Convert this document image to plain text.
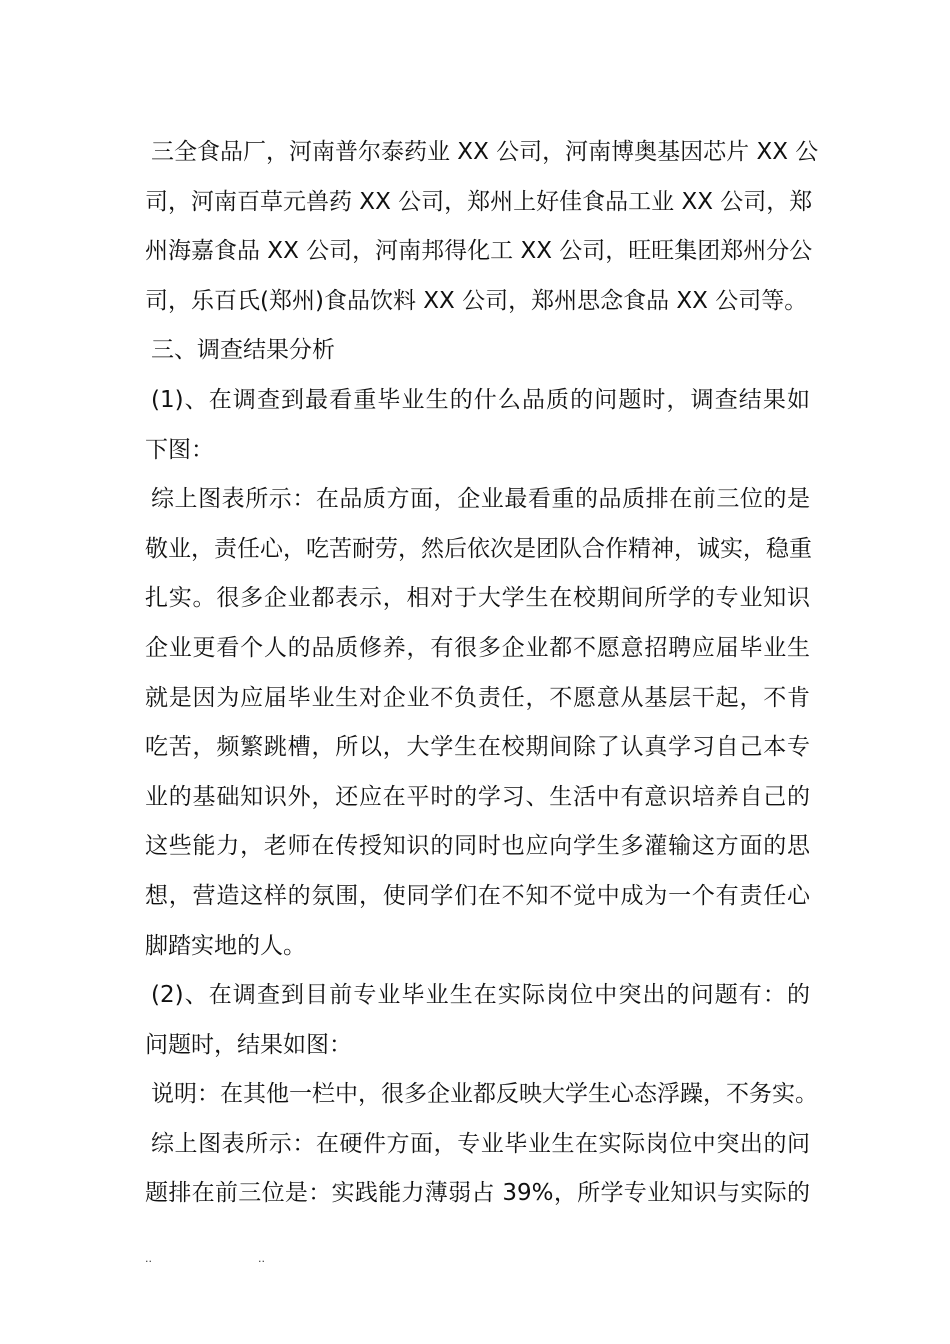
三全食品厂，河南普尔泰药业 XX 公司，河南博奥基因芯片 XX 公
司，河南百草元兽药 XX 公司，郑州上好佳食品工业 XX 公司，郑
州海嘉食品 XX 公司，河南邦得化工 XX 公司，旺旺集团郑州分公
司，乐百氏(郑州)食品饮料 XX 公司，郑州思念食品 XX 公司等。
三、调查结果分析
(1)、在调查到最看重毕业生的什么品质的问题时，调查结果如
下图：
综上图表所示：在品质方面，企业最看重的品质排在前三位的是
敬业，责任心，吃苦耐劳，然后依次是团队合作精神，诚实，稳重
扎实。很多企业都表示，相对于大学生在校期间所学的专业知识
企业更看个人的品质修养，有很多企业都不愿意招聘应届毕业生
就是因为应届毕业生对企业不负责任，不愿意从基层干起，不肯
吃苦，频繁跳槽，所以，大学生在校期间除了认真学习自己本专
业的基础知识外，还应在平时的学习、生活中有意识培养自己的
这些能力，老师在传授知识的同时也应向学生多灌输这方面的思
想，营造这样的氛围，使同学们在不知不觉中成为一个有责任心
脚踏实地的人。
(2)、在调查到目前专业毕业生在实际岗位中突出的问题有：的
问题时，结果如图：
说明：在其他一栏中，很多企业都反映大学生心态浮躁，不务实。
综上图表所示：在硬件方面，专业毕业生在实际岗位中突出的问
题排在前三位是：实践能力薄弱占 39%，所学专业知识与实际的
..	..
